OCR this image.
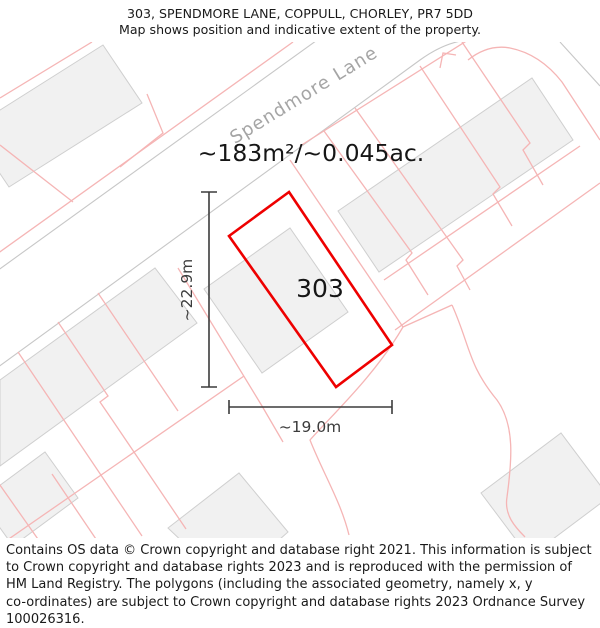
303, SPENDMORE LANE, COPPULL, CHORLEY, PR7 5DD
Map shows position and indicative extent of the property.
Spendmore Lane
~183m²/~0.045ac.
303
~22.9m
~19.0m
Contains OS data © Crown copyright and database right 2021. This information is subject
to Crown copyright and database rights 2023 and is reproduced with the permission of
HM Land Registry. The polygons (including the associated geometry, namely x, y
co-ordinates) are subject to Crown copyright and database rights 2023 Ordnance Survey
100026316.
